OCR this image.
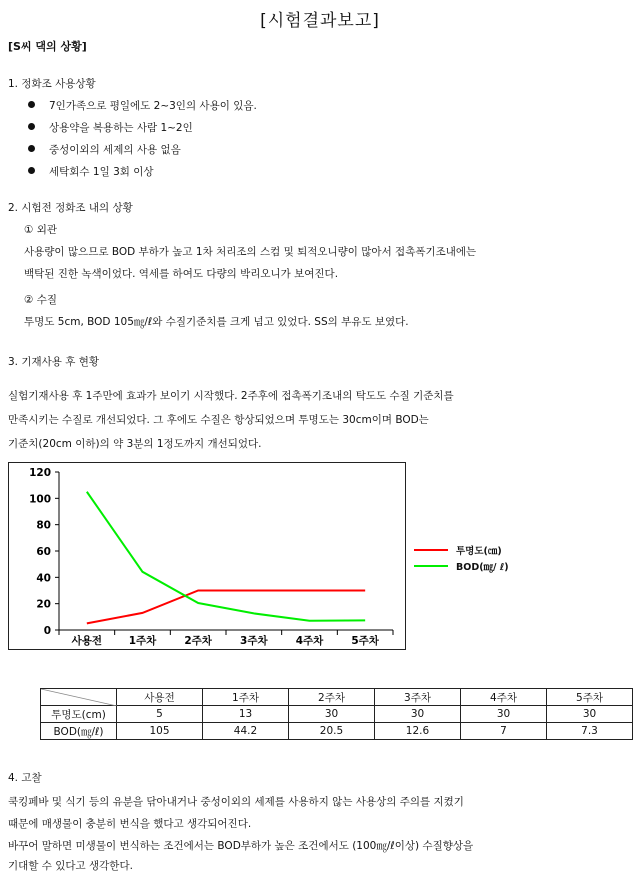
[시험결과보고]
[S씨 댁의 상황]
1. 정화조 사용상황
7인가족으로 평일에도 2~3인의 사용이 있음.
상용약을 복용하는 사람 1~2인
중성이외의 세제의 사용 없음
세탁회수 1일 3회 이상
2. 시험전 정화조 내의 상황
① 외관
사용량이 많으므로 BOD 부하가 높고 1차 처리조의 스컴 및 퇴적오니량이 많아서 접촉폭기조내에는
백탁된 진한 녹색이었다. 역세를 하여도 다량의 박리오니가 보여진다.
② 수질
투명도 5cm, BOD 105㎎/ℓ와 수질기준치를 크게 넘고 있었다. SS의 부유도 보였다.
3. 기재사용 후 현황
실험기재사용 후 1주만에 효과가 보이기 시작했다. 2주후에 접촉폭기조내의 탁도도 수질 기준치를
만족시키는 수질로 개선되었다. 그 후에도 수질은 항상되었으며 투명도는 30cm이며 BOD는
기준치(20cm 이하)의 약 3분의 1정도까지 개선되었다.
0
20
40
60
80
100
120
사용전	1주차	2주차	3주차	4주차	5주차
투명도(㎝)
BOD(㎎/ ℓ)
	사용전	1주차	2주차	3주차	4주차	5주차
투명도(cm)	5	13	30	30	30	30
BOD(㎎/ℓ)	105	44.2	20.5	12.6	7	7.3
4. 고찰
쿡킹페바 및 식기 등의 유분을 닦아내거나 중성이외의 세제를 사용하지 않는 사용상의 주의를 지켰기
때문에 매생물이 충분히 번식을 했다고 생각되어진다.
바꾸어 말하면 미생물이 번식하는 조건에서는 BOD부하가 높은 조건에서도 (100㎎/ℓ이상) 수질향상을
기대할 수 있다고 생각한다.
